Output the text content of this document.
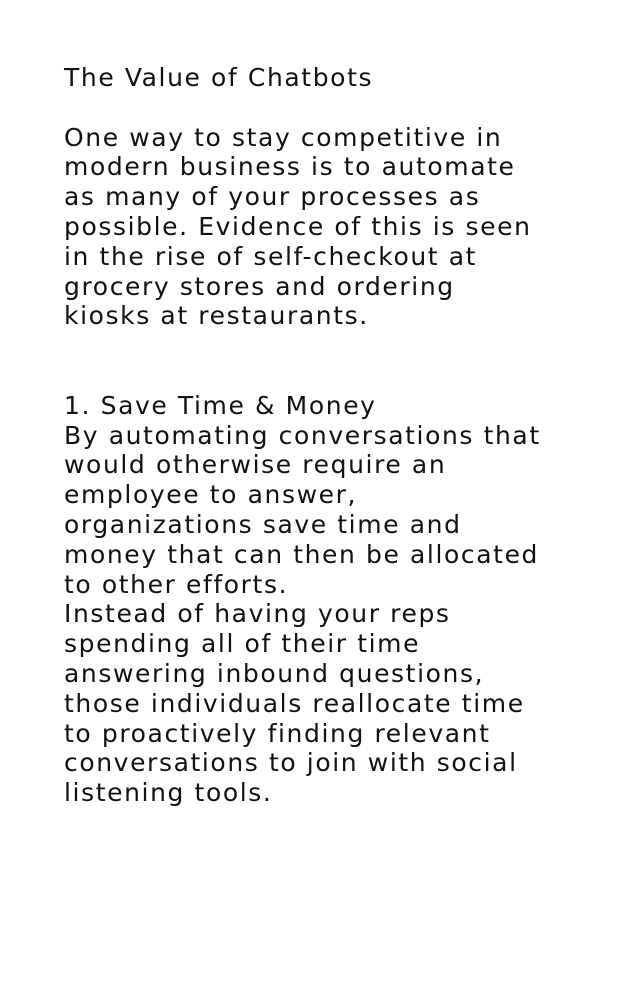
The Value of Chatbots
One way to stay competitive in
modern business is to automate
as many of your processes as
possible. Evidence of this is seen
in the rise of self-checkout at
grocery stores and ordering
kiosks at restaurants.
1. Save Time & Money
By automating conversations that
would otherwise require an
employee to answer,
organizations save time and
money that can then be allocated
to other efforts.
Instead of having your reps
spending all of their time
answering inbound questions,
those individuals reallocate time
to proactively finding relevant
conversations to join with social
listening tools.
